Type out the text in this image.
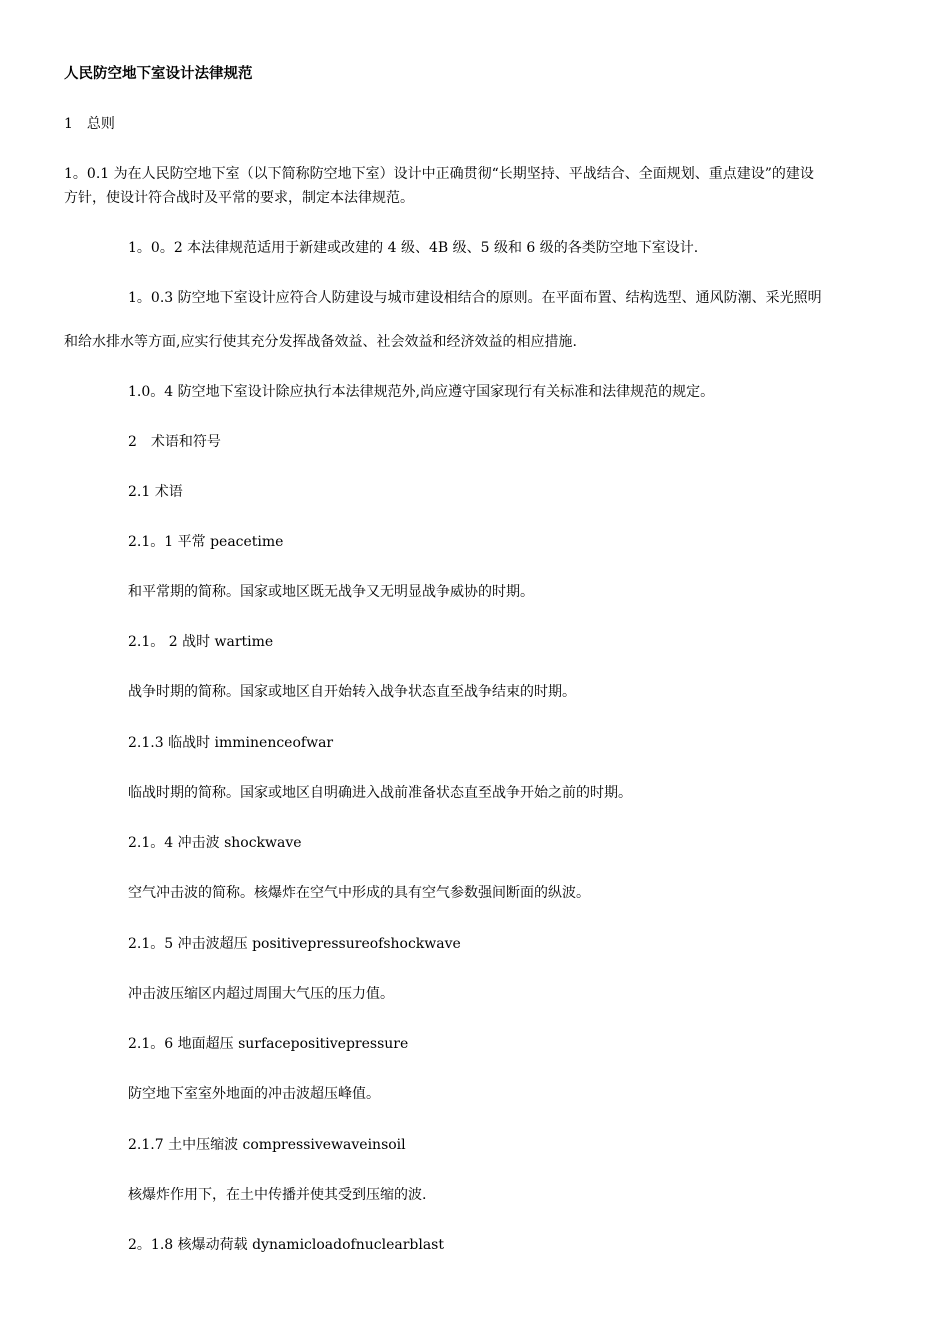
人民防空地下室设计法律规范
1　总则
1。0.1 为在人民防空地下室（以下简称防空地下室）设计中正确贯彻“长期坚持、平战结合、全面规划、重点建设”的建设
方针，使设计符合战时及平常的要求，制定本法律规范。
1。0。2 本法律规范适用于新建或改建的 4 级、4B 级、5 级和 6 级的各类防空地下室设计.
1。0.3 防空地下室设计应符合人防建设与城市建设相结合的原则。在平面布置、结构选型、通风防潮、采光照明
和给水排水等方面,应实行使其充分发挥战备效益、社会效益和经济效益的相应措施.
1.0。4 防空地下室设计除应执行本法律规范外,尚应遵守国家现行有关标准和法律规范的规定。
2　术语和符号
2.1 术语
2.1。1 平常 peacetime
和平常期的简称。国家或地区既无战争又无明显战争威协的时期。
2.1。 2 战时 wartime
战争时期的简称。国家或地区自开始转入战争状态直至战争结束的时期。
2.1.3 临战时 imminenceofwar
临战时期的简称。国家或地区自明确进入战前准备状态直至战争开始之前的时期。
2.1。4 冲击波 shockwave
空气冲击波的简称。核爆炸在空气中形成的具有空气参数强间断面的纵波。
2.1。5 冲击波超压 positivepressureofshockwave
冲击波压缩区内超过周围大气压的压力值。
2.1。6 地面超压 surfacepositivepressure
防空地下室室外地面的冲击波超压峰值。
2.1.7 土中压缩波 compressivewaveinsoil
核爆炸作用下，在土中传播并使其受到压缩的波.
2。1.8 核爆动荷载 dynamicloadofnuclearblast
